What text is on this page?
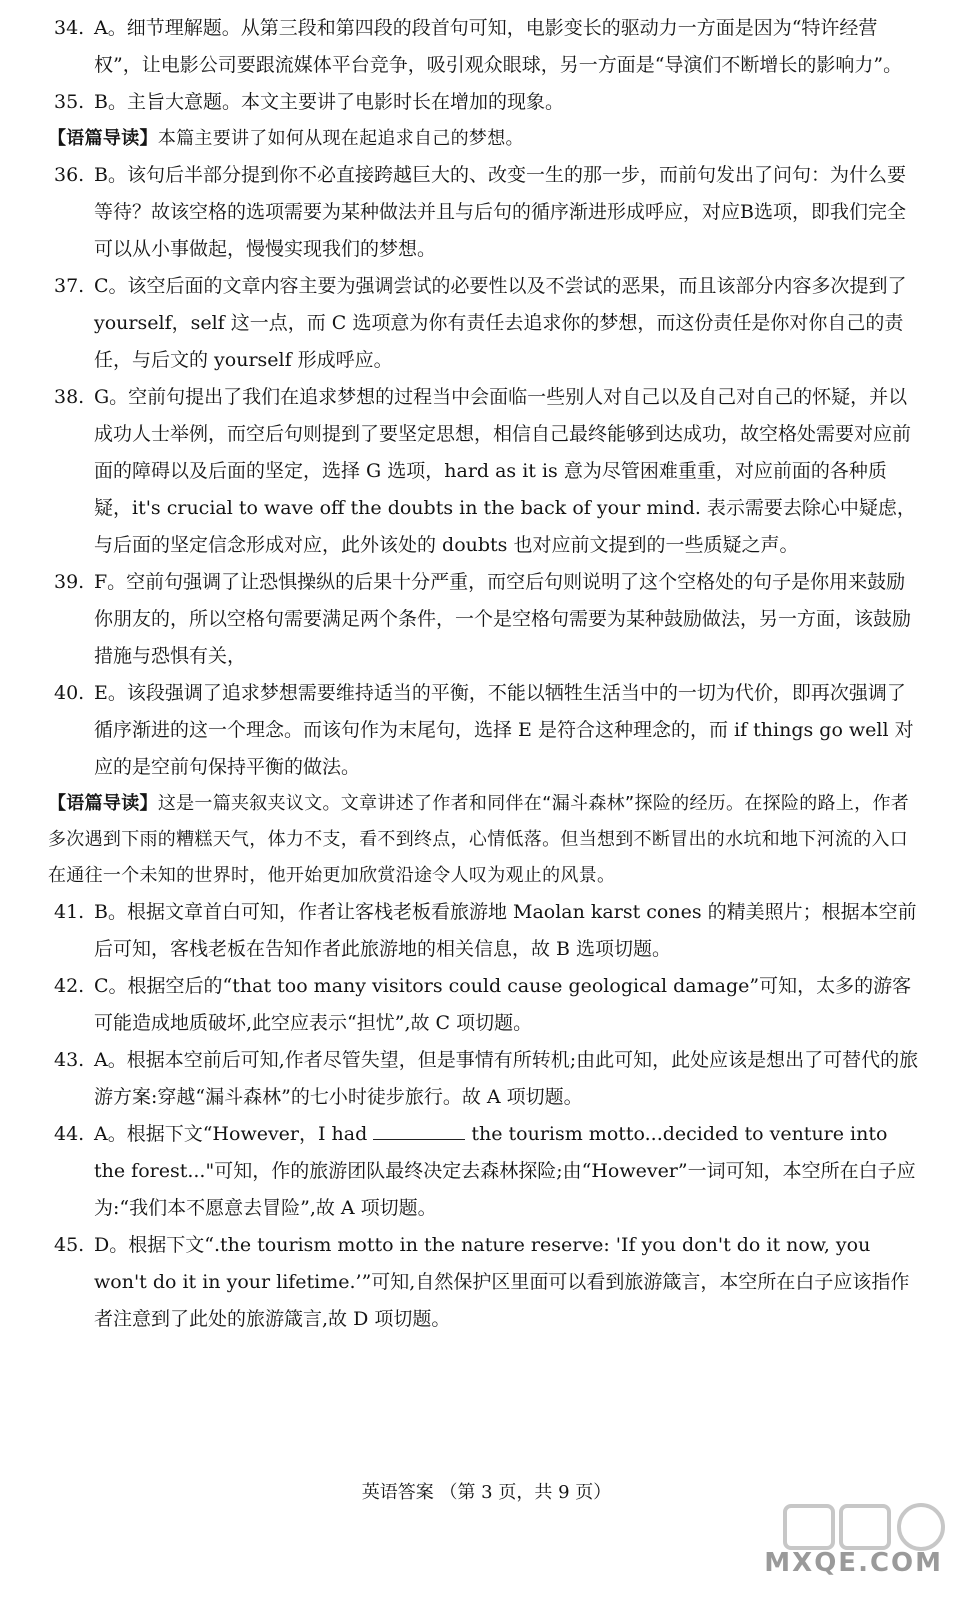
34. A。细节理解题。从第三段和第四段的段首句可知，电影变长的驱动力一方面是因为“特许经营权”，让电影公司要跟流媒体平台竞争，吸引观众眼球，另一方面是“导演们不断增长的影响力”。

35. B。主旨大意题。本文主要讲了电影时长在增加的现象。

【语篇导读】本篇主要讲了如何从现在起追求自己的梦想。

36. B。该句后半部分提到你不必直接跨越巨大的、改变一生的那一步，而前句发出了问句：为什么要等待？故该空格的选项需要为某种做法并且与后句的循序渐进形成呼应，对应B选项，即我们完全可以从小事做起，慢慢实现我们的梦想。

37. C。该空后面的文章内容主要为强调尝试的必要性以及不尝试的恶果，而且该部分内容多次提到了 yourself，self 这一点，而 C 选项意为你有责任去追求你的梦想，而这份责任是你对你自己的责任，与后文的 yourself 形成呼应。

38. G。空前句提出了我们在追求梦想的过程当中会面临一些别人对自己以及自己对自己的怀疑，并以成功人士举例，而空后句则提到了要坚定思想，相信自己最终能够到达成功，故空格处需要对应前面的障碍以及后面的坚定，选择 G 选项，hard as it is 意为尽管困难重重，对应前面的各种质疑，it's crucial to wave off the doubts in the back of your mind. 表示需要去除心中疑虑，与后面的坚定信念形成对应，此外该处的 doubts 也对应前文提到的一些质疑之声。

39. F。空前句强调了让恐惧操纵的后果十分严重，而空后句则说明了这个空格处的句子是你用来鼓励你朋友的，所以空格句需要满足两个条件，一个是空格句需要为某种鼓励做法，另一方面，该鼓励措施与恐惧有关，

40. E。该段强调了追求梦想需要维持适当的平衡，不能以牺牲生活当中的一切为代价，即再次强调了循序渐进的这一个理念。而该句作为末尾句，选择 E 是符合这种理念的，而 if things go well 对应的是空前句保持平衡的做法。

【语篇导读】这是一篇夹叙夹议文。文章讲述了作者和同伴在“漏斗森林”探险的经历。在探险的路上，作者多次遇到下雨的糟糕天气，体力不支，看不到终点，心情低落。但当想到不断冒出的水坑和地下河流的入口在通往一个未知的世界时，他开始更加欣赏沿途令人叹为观止的风景。

41. B。根据文章首白可知，作者让客栈老板看旅游地 Maolan karst cones 的精美照片；根据本空前后可知，客栈老板在告知作者此旅游地的相关信息，故 B 选项切题。

42. C。根据空后的“that too many visitors could cause geological damage”可知，太多的游客可能造成地质破坏,此空应表示“担忧”,故 C 项切题。

43. A。根据本空前后可知,作者尽管失望，但是事情有所转机;由此可知，此处应该是想出了可替代的旅游方案:穿越“漏斗森林”的七小时徒步旅行。故 A 项切题。

44. A。根据下文“However，I had	the tourism motto...decided to venture into the forest..."可知，作的旅游团队最终决定去森林探险;由“However”一词可知，本空所在白子应为:“我们本不愿意去冒险”,故 A 项切题。

45. D。根据下文“.the tourism motto in the nature reserve: 'If you don't do it now, you won't do it in your lifetime.’”可知,自然保护区里面可以看到旅游箴言，本空所在白子应该指作者注意到了此处的旅游箴言,故 D 项切题。

英语答案 （第 3 页，共 9 页）
MXQE.COM
